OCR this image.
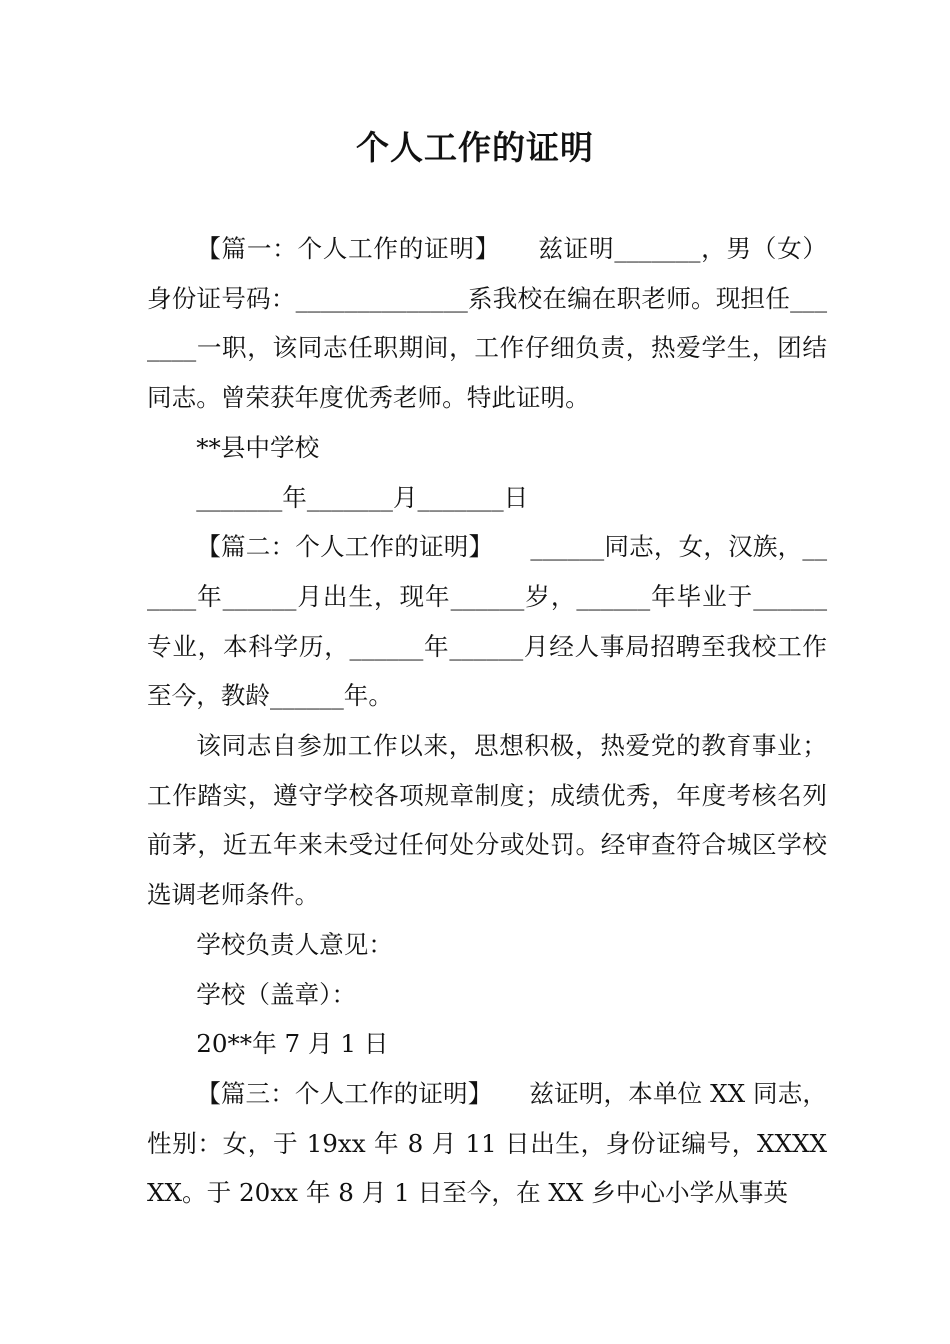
个人工作的证明

【篇一：个人工作的证明】　　兹证明_______，男（女）身份证号码：______________系我校在编在职老师。现担任_______一职，该同志任职期间，工作仔细负责，热爱学生，团结同志。曾荣获年度优秀老师。特此证明。

**县中学校

_______年_______月_______日

【篇二：个人工作的证明】　　______同志，女，汉族，______年______月出生，现年______岁，______年毕业于______专业，本科学历，______年______月经人事局招聘至我校工作至今，教龄______年。

该同志自参加工作以来，思想积极，热爱党的教育事业；工作踏实，遵守学校各项规章制度；成绩优秀，年度考核名列前茅，近五年来未受过任何处分或处罚。经审查符合城区学校选调老师条件。

学校负责人意见：

学校（盖章）：

20**年 7 月 1 日

【篇三：个人工作的证明】　　兹证明，本单位 XX 同志，性别：女，于 19xx 年 8 月 11 日出生，身份证编号，XXXXXX。于 20xx 年 8 月 1 日至今，在 XX 乡中心小学从事英
